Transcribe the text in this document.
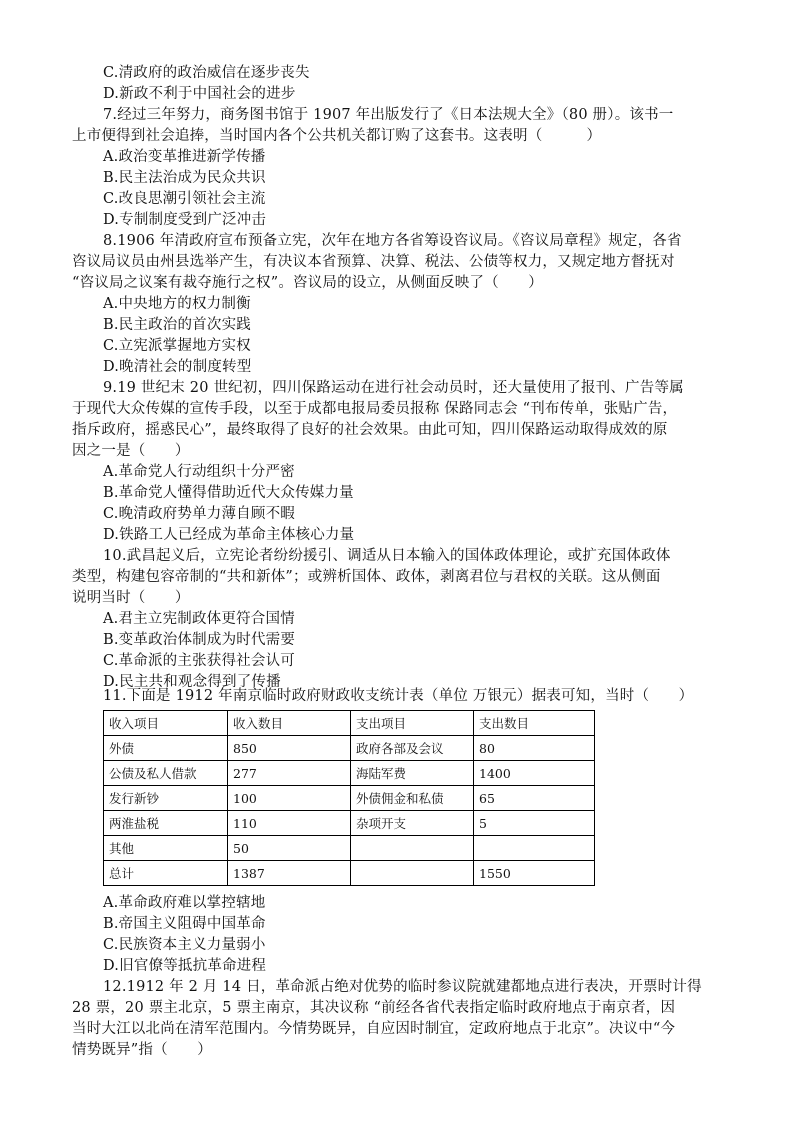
C.清政府的政治威信在逐步丧失
D.新政不利于中国社会的进步
7.经过三年努力，商务图书馆于 1907 年出版发行了《日本法规大全》（80 册）。该书一
上市便得到社会追捧，当时国内各个公共机关都订购了这套书。这表明（　　　）
A.政治变革推进新学传播
B.民主法治成为民众共识
C.改良思潮引领社会主流
D.专制制度受到广泛冲击
8.1906 年清政府宣布预备立宪，次年在地方各省筹设咨议局。《咨议局章程》规定，各省
咨议局议员由州县选举产生，有决议本省预算、决算、税法、公债等权力，又规定地方督抚对
“咨议局之议案有裁夺施行之权”。咨议局的设立，从侧面反映了（　　）
A.中央地方的权力制衡
B.民主政治的首次实践
C.立宪派掌握地方实权
D.晚清社会的制度转型
9.19 世纪末 20 世纪初，四川保路运动在进行社会动员时，还大量使用了报刊、广告等属
于现代大众传媒的宣传手段，以至于成都电报局委员报称 保路同志会 “刊布传单，张贴广告，
指斥政府，摇惑民心”，最终取得了良好的社会效果。由此可知，四川保路运动取得成效的原
因之一是（　　）
A.革命党人行动组织十分严密
B.革命党人懂得借助近代大众传媒力量
C.晚清政府势单力薄自顾不暇
D.铁路工人已经成为革命主体核心力量
10.武昌起义后，立宪论者纷纷援引、调适从日本输入的国体政体理论，或扩充国体政体
类型，构建包容帝制的“共和新体”；或辨析国体、政体，剥离君位与君权的关联。这从侧面
说明当时（　　）
A.君主立宪制政体更符合国情
B.变革政治体制成为时代需要
C.革命派的主张获得社会认可
D.民主共和观念得到了传播
11.下面是 1912 年南京临时政府财政收支统计表（单位 万银元）据表可知，当时（　　）
收入项目	收入数目	支出项目	支出数目
外债	850	政府各部及会议	80
公债及私人借款	277	海陆军费	1400
发行新钞	100	外债佣金和私债	65
两淮盐税	110	杂项开支	5
其他	50		
总计	1387		1550
A.革命政府难以掌控辖地
B.帝国主义阻碍中国革命
C.民族资本主义力量弱小
D.旧官僚等抵抗革命进程
12.1912 年 2 月 14 日，革命派占绝对优势的临时参议院就建都地点进行表决，开票时计得
28 票，20 票主北京，5 票主南京，其决议称 “前经各省代表指定临时政府地点于南京者，因
当时大江以北尚在清军范围内。今情势既异，自应因时制宜，定政府地点于北京”。决议中“今
情势既异”指（　　）
